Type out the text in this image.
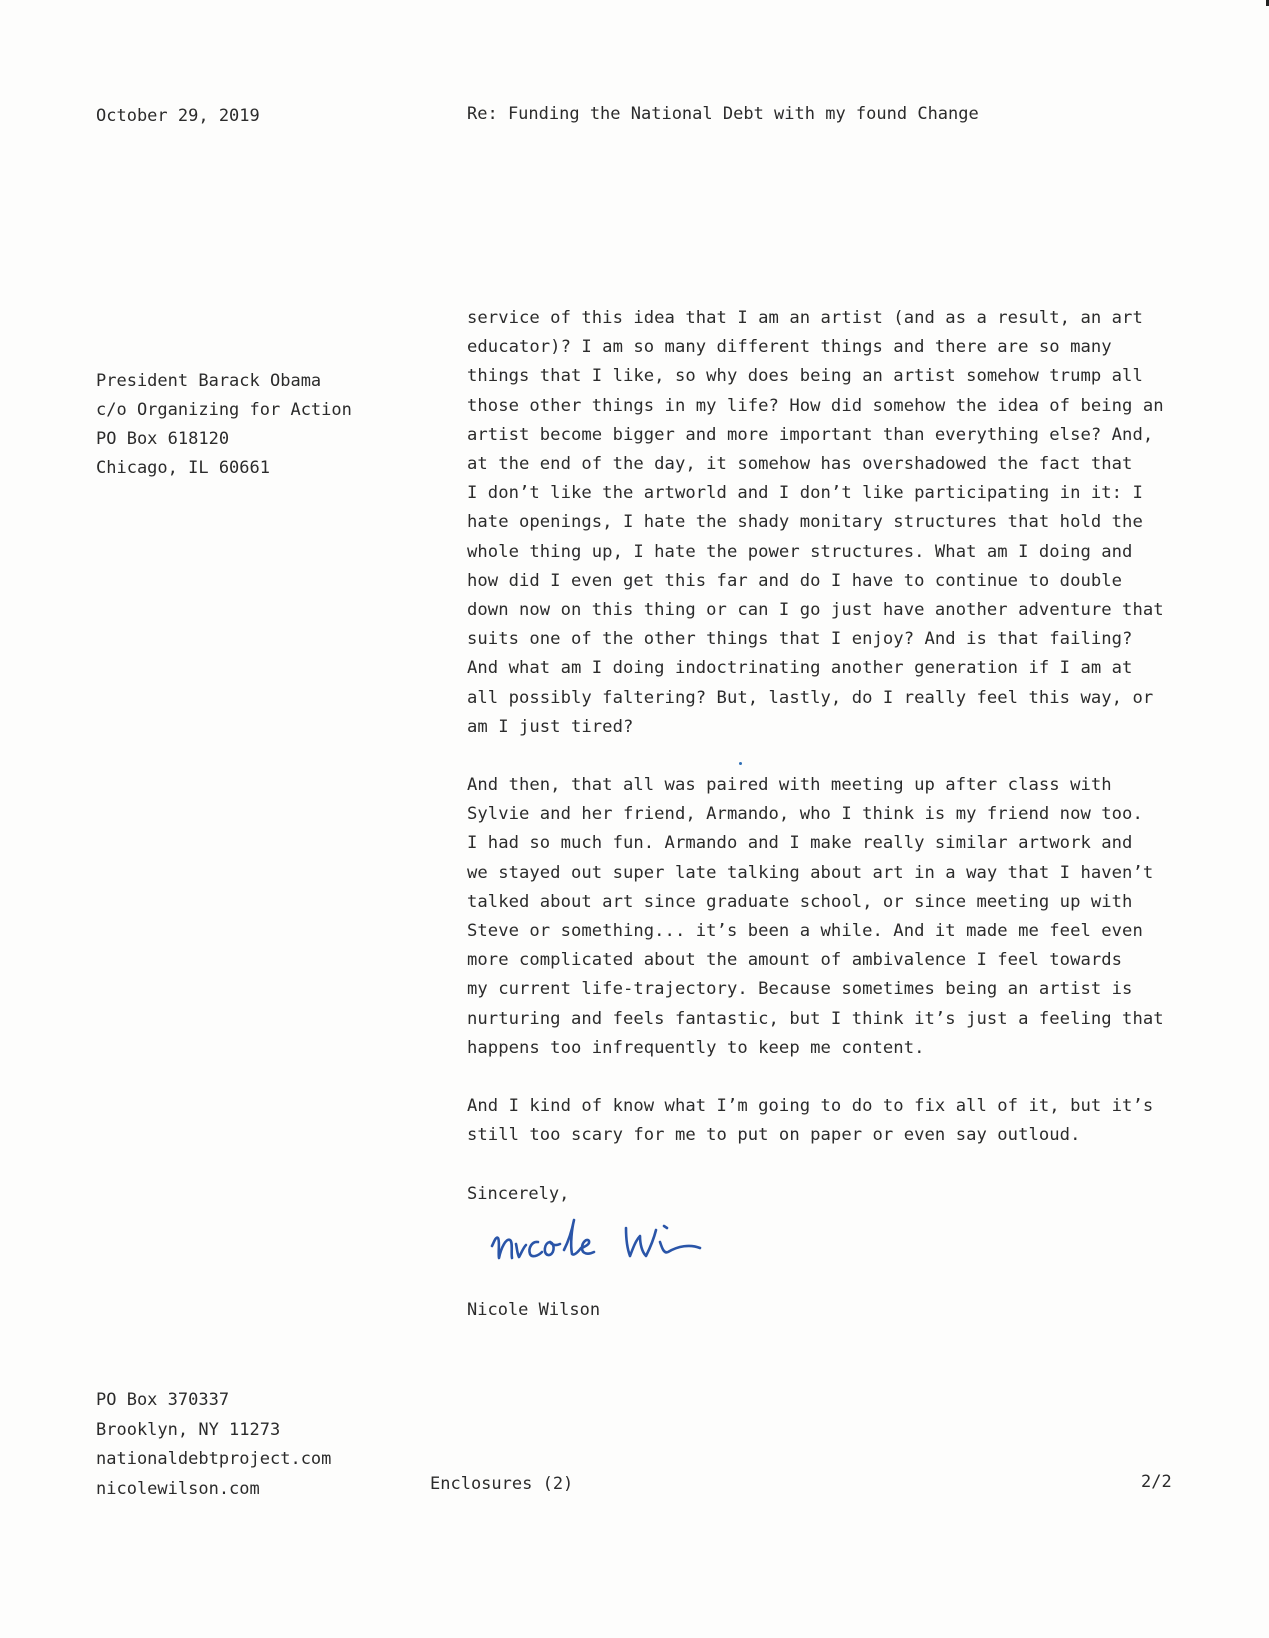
October 29, 2019	Re: Funding the National Debt with my found Change
President Barack Obama
c/o Organizing for Action
PO Box 618120
Chicago, IL 60661

service of this idea that I am an artist (and as a result, an art
educator)? I am so many different things and there are so many
things that I like, so why does being an artist somehow trump all
those other things in my life? How did somehow the idea of being an
artist become bigger and more important than everything else? And,
at the end of the day, it somehow has overshadowed the fact that
I don’t like the artworld and I don’t like participating in it: I
hate openings, I hate the shady monitary structures that hold the
whole thing up, I hate the power structures. What am I doing and
how did I even get this far and do I have to continue to double
down now on this thing or can I go just have another adventure that
suits one of the other things that I enjoy? And is that failing?
And what am I doing indoctrinating another generation if I am at
all possibly faltering? But, lastly, do I really feel this way, or
am I just tired?

And then, that all was paired with meeting up after class with
Sylvie and her friend, Armando, who I think is my friend now too.
I had so much fun. Armando and I make really similar artwork and
we stayed out super late talking about art in a way that I haven’t
talked about art since graduate school, or since meeting up with
Steve or something... it’s been a while. And it made me feel even
more complicated about the amount of ambivalence I feel towards
my current life-trajectory. Because sometimes being an artist is
nurturing and feels fantastic, but I think it’s just a feeling that
happens too infrequently to keep me content.

And I kind of know what I’m going to do to fix all of it, but it’s
still too scary for me to put on paper or even say outloud.

Sincerely,
Nicole Wilson
PO Box 370337
Brooklyn, NY 11273
nationaldebtproject.com
nicolewilson.com	Enclosures (2)	2/2
